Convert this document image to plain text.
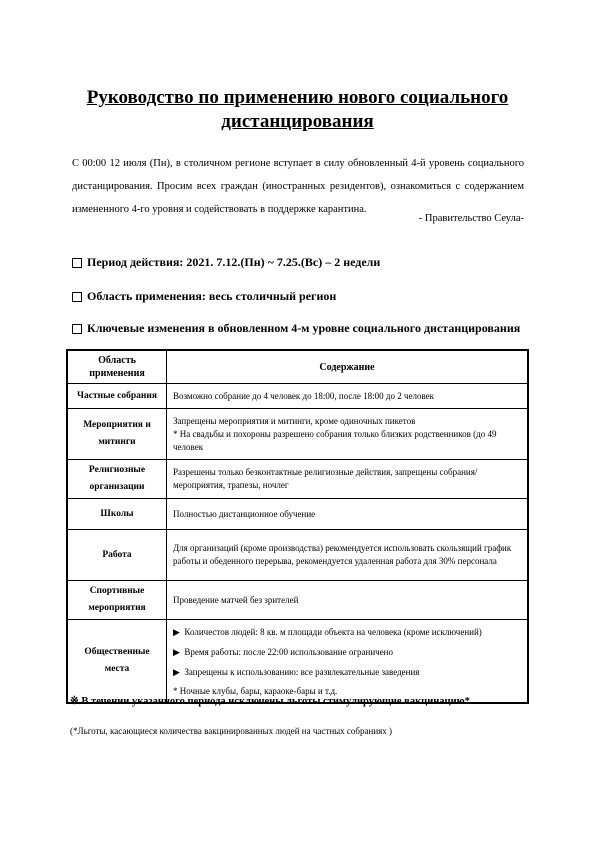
Руководство по применению нового социального дистанцирования

С 00:00 12 июля (Пн), в столичном регионе вступает в силу обновленный 4-й уровень социального дистанцирования. Просим всех граждан (иностранных резидентов), ознакомиться с содержанием измененного 4-го уровня и содействовать в поддержке карантина.

- Правительство Сеула-

Период действия: 2021. 7.12.(Пн) ~ 7.25.(Вс) – 2 недели
Область применения: весь столичный регион
Ключевые изменения в обновленном 4-м уровне социального дистанцирования
Область применения	Содержание
Частные собрания	Возможно собрание до 4 человек до 18:00, после 18:00 до 2 человек
Мероприятия и митинги	Запрещены мероприятия и митинги, кроме одиночных пикетов
* На свадьбы и похороны разрешено собрания только близких родственников (до 49 человек

Религиозные организации	Разрешены только безконтактные религиозные действия, запрещены собрания/мероприятия, трапезы, ночлег
Школы	Полностью дистанционное обучение
Работа	Для организаций (кроме производства) рекомендуется использовать скользящий график работы и обеденного перерыва, рекомендуется удаленная работа для 30% персонала
Спортивные мероприятия	Проведение матчей без зрителей
Общественные места	▶ Количестов людей: 8 кв. м площади объекта на человека (кроме исключений)
▶ Время работы: после 22:00 использование ограничено
▶ Запрещены к использованию: все развлекательные заведения
* Ночные клубы, бары, караоке-бары и т.д.
※ В течении указанного периода исключены льготы стимулирующие вакцинацию*
(*Льготы, касающиеся количества вакцинированных людей на частных собраниях )
